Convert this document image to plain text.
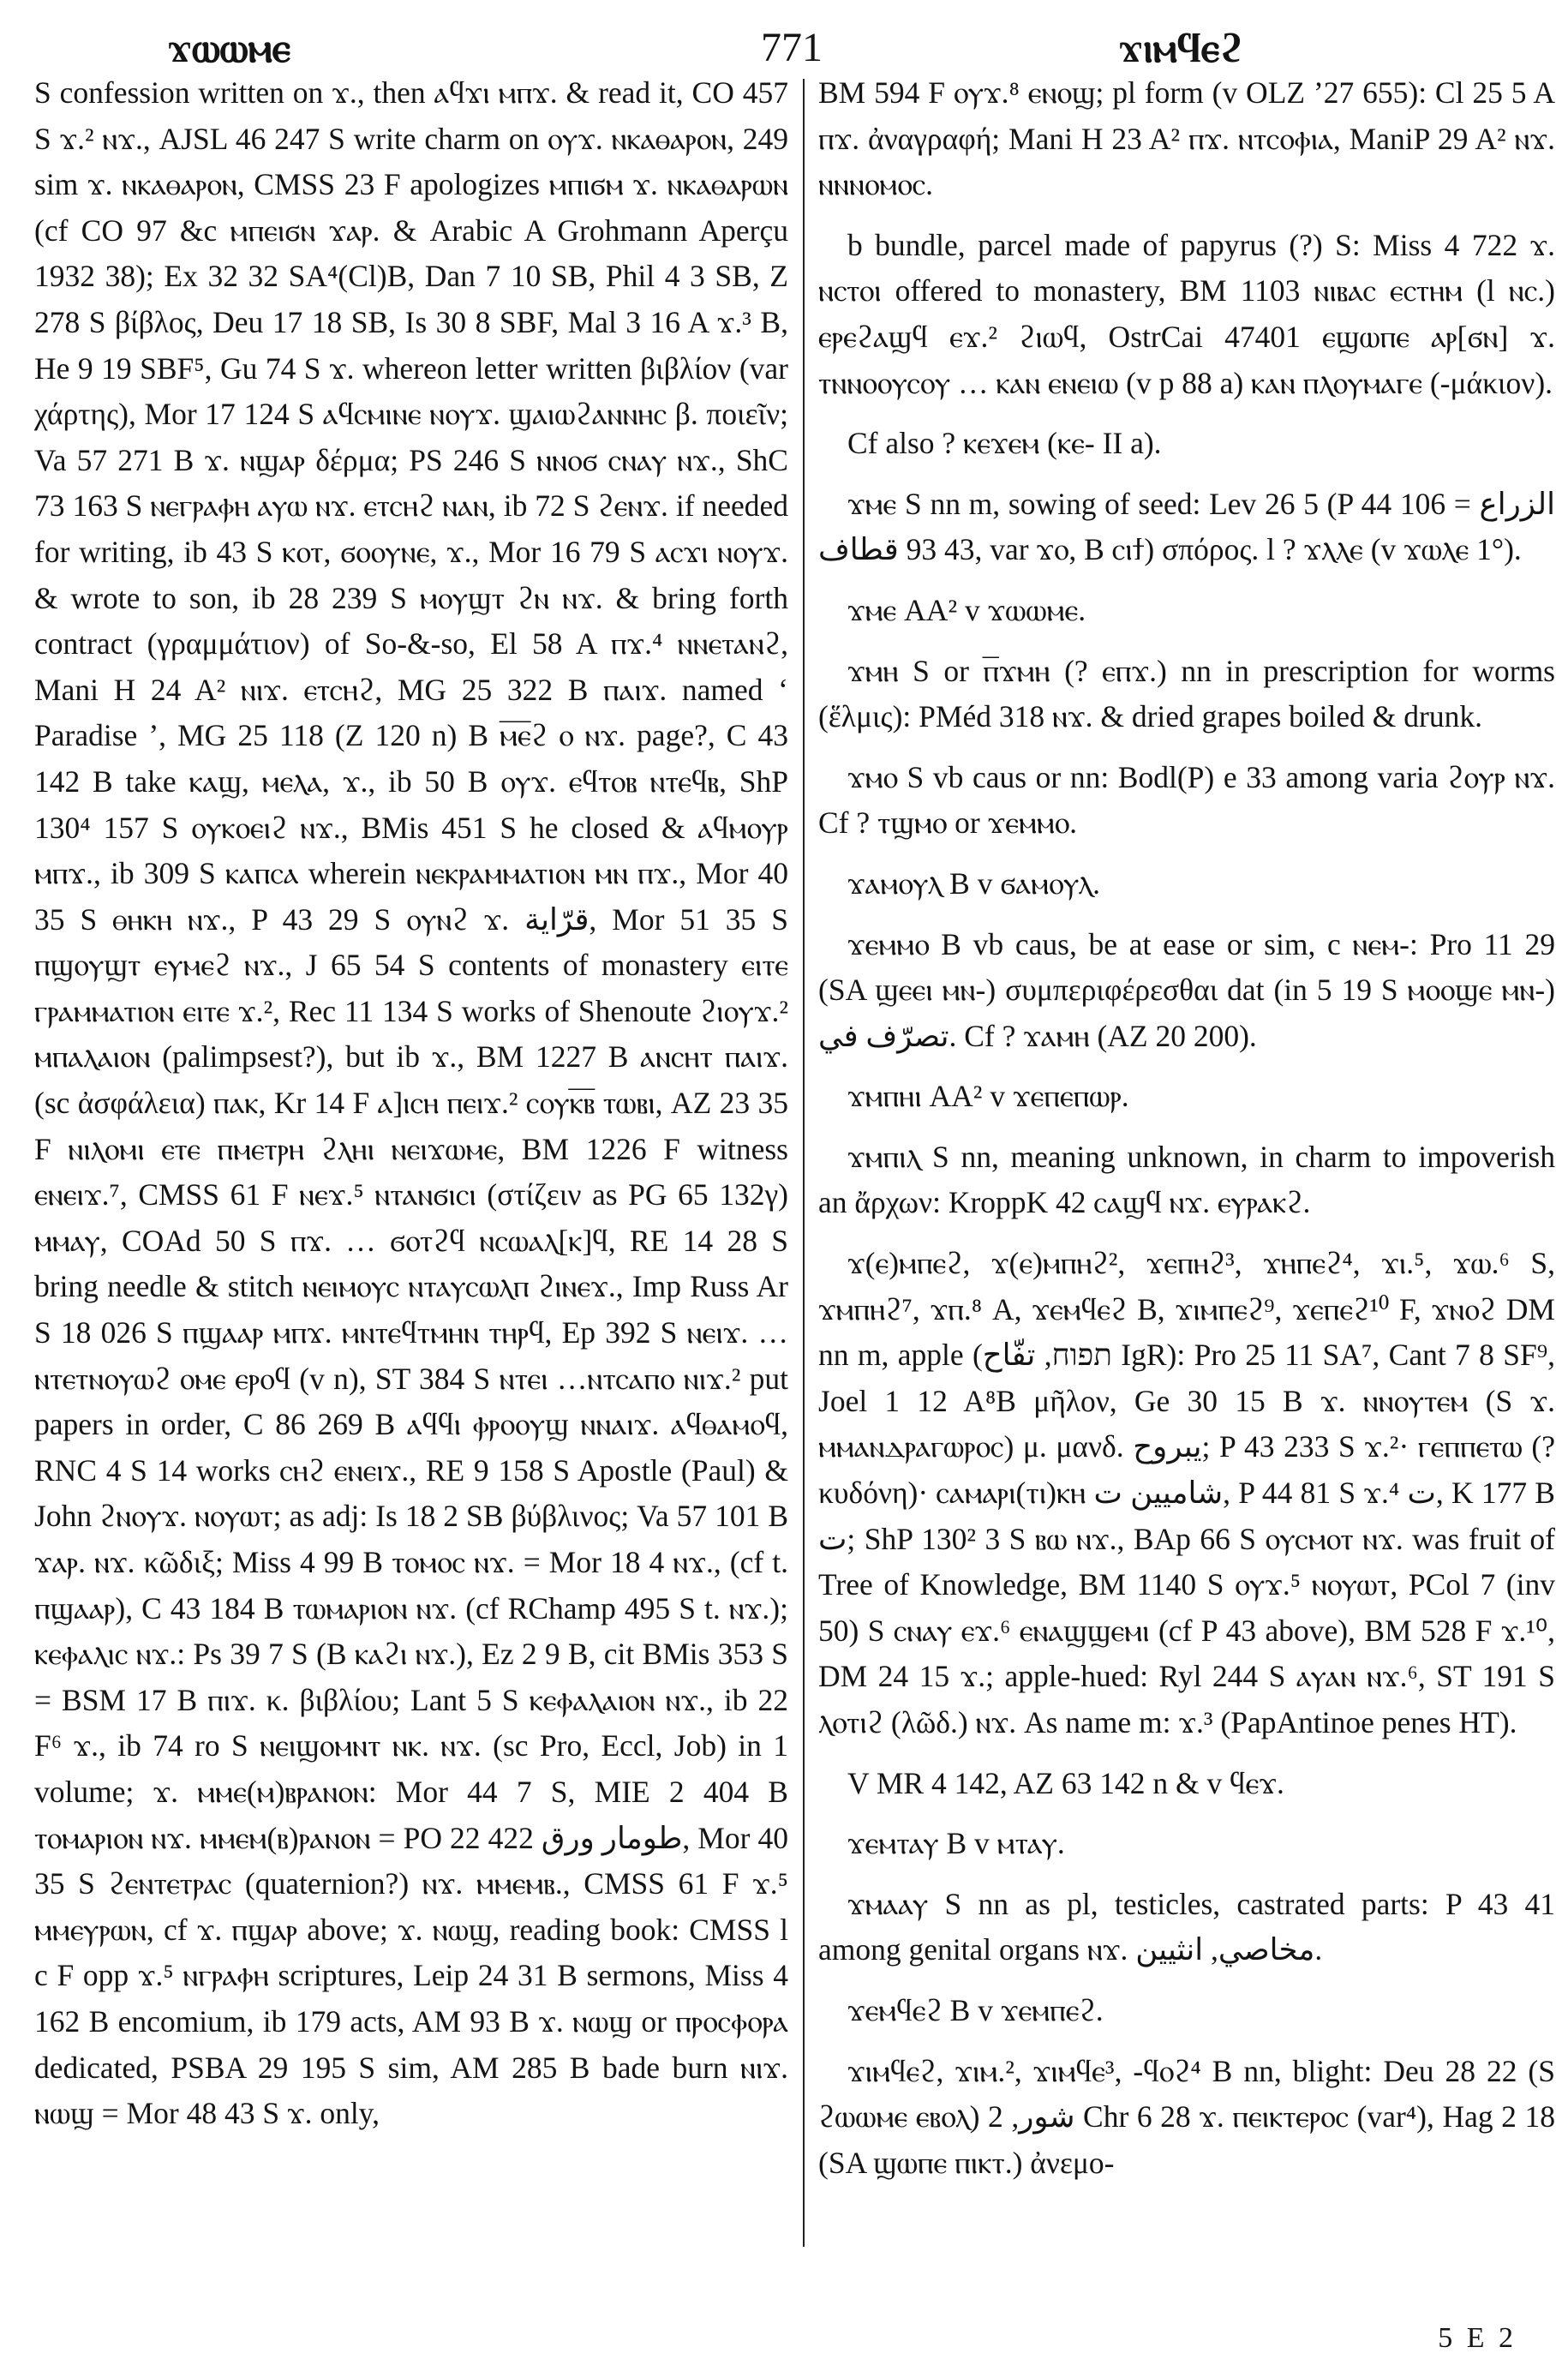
ϫⲱⲱⲙⲉ	771	ϫⲓⲙϥⲉϩ

S confession written on ϫ., then ⲁϥϫⲓ ⲙⲡϫ. & read it, CO 457 S ϫ.² ⲛϫ., AJSL 46 247 S write charm on ⲟⲩϫ. ⲛⲕⲁⲑⲁⲣⲟⲛ, 249 sim ϫ. ⲛⲕⲁⲑⲁⲣⲟⲛ, CMSS 23 F apologizes ⲙⲡⲓϭⲙ ϫ. ⲛⲕⲁⲑⲁⲣⲱⲛ (cf CO 97 &c ⲙⲡⲉⲓϭⲛ ϫⲁⲣ. & Arabic A Grohmann Aperçu 1932 38); Ex 32 32 SA⁴(Cl)B, Dan 7 10 SB, Phil 4 3 SB, Z 278 S βίβλος, Deu 17 18 SB, Is 30 8 SBF, Mal 3 16 A ϫ.³ B, He 9 19 SBF⁵, Gu 74 S ϫ. whereon letter written βιβλίον (var χάρτης), Mor 17 124 S ⲁϥⲥⲙⲓⲛⲉ ⲛⲟⲩϫ. ϣⲁⲓⲱϩⲁⲛⲛⲏⲥ β. ποιεῖν; Va 57 271 B ϫ. ⲛϣⲁⲣ δέρμα; PS 246 S ⲛⲛⲟϭ ⲥⲛⲁⲩ ⲛϫ., ShC 73 163 S ⲛⲉⲅⲣⲁⲫⲏ ⲁⲩⲱ ⲛϫ. ⲉⲧⲥⲏϩ ⲛⲁⲛ, ib 72 S ϩⲉⲛϫ. if needed for writing, ib 43 S ⲕⲟⲧ, ϭⲟⲟⲩⲛⲉ, ϫ., Mor 16 79 S ⲁⲥϫⲓ ⲛⲟⲩϫ. & wrote to son, ib 28 239 S ⲙⲟⲩϣⲧ ϩⲛ ⲛϫ. & bring forth contract (γραμμάτιον) of So-&-so, El 58 A ⲡϫ.⁴ ⲛⲛⲉⲧⲁⲛϩ, Mani H 24 A² ⲛⲓϫ. ⲉⲧⲥⲏϩ, MG 25 322 B ⲡⲁⲓϫ. named ‘ Paradise ’, MG 25 118 (Z 120 n) B ⲙ̅ⲉ̅ϩ ⲟ ⲛϫ. page?, C 43 142 B take ⲕⲁϣ, ⲙⲉⲗⲁ, ϫ., ib 50 B ⲟⲩϫ. ⲉϥⲧⲟⲃ ⲛⲧⲉϥⲃ, ShP 130⁴ 157 S ⲟⲩⲕⲟⲉⲓϩ ⲛϫ., BMis 451 S he closed & ⲁϥⲙⲟⲩⲣ ⲙⲡϫ., ib 309 S ⲕⲁⲡⲥⲁ wherein ⲛⲉⲕⲣⲁⲙⲙⲁⲧⲓⲟⲛ ⲙⲛ ⲡϫ., Mor 40 35 S ⲑⲏⲕⲏ ⲛϫ., P 43 29 S ⲟⲩⲛϩ ϫ. قرّاية, Mor 51 35 S ⲡϣⲟⲩϣⲧ ⲉⲩⲙⲉϩ ⲛϫ., J 65 54 S contents of monastery ⲉⲓⲧⲉ ⲅⲣⲁⲙⲙⲁⲧⲓⲟⲛ ⲉⲓⲧⲉ ϫ.², Rec 11 134 S works of Shenoute ϩⲓⲟⲩϫ.² ⲙⲡⲁⲗⲁⲓⲟⲛ (palimpsest?), but ib ϫ., BM 1227 B ⲁⲛⲥⲏⲧ ⲡⲁⲓϫ. (sc ἀσφάλεια) ⲡⲁⲕ, Kr 14 F ⲁ]ⲓⲥⲏ ⲡⲉⲓϫ.² ⲥⲟⲩⲕ̅ⲃ̅ ⲧⲱⲃⲓ, AZ 23 35 F ⲛⲓⲗⲟⲙⲓ ⲉⲧⲉ ⲡⲙⲉⲧⲣⲏ ϩⲗⲏⲓ ⲛⲉⲓϫⲱⲙⲉ, BM 1226 F witness ⲉⲛⲉⲓϫ.⁷, CMSS 61 F ⲛⲉϫ.⁵ ⲛⲧⲁⲛϭⲓⲥⲓ (στίζειν as PG 65 132γ) ⲙⲙⲁⲩ, COAd 50 S ⲡϫ. … ϭⲟⲧϩϥ ⲛⲥⲱⲁⲗ[ⲕ]ϥ, RE 14 28 S bring needle & stitch ⲛⲉⲓⲙⲟⲩⲥ ⲛⲧⲁⲩⲥⲱⲗⲡ ϩⲓⲛⲉϫ., Imp Russ Ar S 18 026 S ⲡϣⲁⲁⲣ ⲙⲡϫ. ⲙⲛⲧⲉϥⲧⲙⲏⲛ ⲧⲏⲣϥ, Ep 392 S ⲛⲉⲓϫ. … ⲛⲧⲉⲧⲛⲟⲩⲱϩ ⲟⲙⲉ ⲉⲣⲟϥ (v n), ST 384 S ⲛⲧⲉⲓ …ⲛⲧⲥⲁⲡⲟ ⲛⲓϫ.² put papers in order, C 86 269 B ⲁϥϥⲓ ⲫⲣⲟⲟⲩϣ ⲛⲛⲁⲓϫ. ⲁϥⲑⲁⲙⲟϥ, RNC 4 S 14 works ⲥⲏϩ ⲉⲛⲉⲓϫ., RE 9 158 S Apostle (Paul) & John ϩⲛⲟⲩϫ. ⲛⲟⲩⲱⲧ; as adj: Is 18 2 SB βύβλινος; Va 57 101 B ϫⲁⲣ. ⲛϫ. κῶδιξ; Miss 4 99 B ⲧⲟⲙⲟⲥ ⲛϫ. = Mor 18 4 ⲛϫ., (cf t. ⲡϣⲁⲁⲣ), C 43 184 B ⲧⲱⲙⲁⲣⲓⲟⲛ ⲛϫ. (cf RChamp 495 S t. ⲛϫ.); ⲕⲉⲫⲁⲗⲓⲥ ⲛϫ.: Ps 39 7 S (B ⲕⲁϩⲓ ⲛϫ.), Ez 2 9 B, cit BMis 353 S = BSM 17 B ⲡⲓϫ. κ. βιβλίου; Lant 5 S ⲕⲉⲫⲁⲗⲁⲓⲟⲛ ⲛϫ., ib 22 F⁶ ϫ., ib 74 ro S ⲛⲉⲓϣⲟⲙⲛⲧ ⲛⲕ. ⲛϫ. (sc Pro, Eccl, Job) in 1 volume; ϫ. ⲙⲙⲉ(ⲙ)ⲃⲣⲁⲛⲟⲛ: Mor 44 7 S, MIE 2 404 B ⲧⲟⲙⲁⲣⲓⲟⲛ ⲛϫ. ⲙⲙⲉⲙ(ⲃ)ⲣⲁⲛⲟⲛ = PO 22 422 طومار ورق, Mor 40 35 S ϩⲉⲛⲧⲉⲧⲣⲁⲥ (quaternion?) ⲛϫ. ⲙⲙⲉⲙⲃ., CMSS 61 F ϫ.⁵ ⲙⲙⲉⲩⲣⲱⲛ, cf ϫ. ⲡϣⲁⲣ above; ϫ. ⲛⲱϣ, reading book: CMSS l c F opp ϫ.⁵ ⲛⲅⲣⲁⲫⲏ scriptures, Leip 24 31 B sermons, Miss 4 162 B encomium, ib 179 acts, AM 93 B ϫ. ⲛⲱϣ or ⲡⲣⲟⲥⲫⲟⲣⲁ dedicated, PSBA 29 195 S sim, AM 285 B bade burn ⲛⲓϫ. ⲛⲱϣ = Mor 48 43 S ϫ. only,

BM 594 F ⲟⲩϫ.⁸ ⲉⲛⲟϣ; pl form (v OLZ ’27 655): Cl 25 5 A ⲡϫ. ἀναγραφή; Mani H 23 A² ⲡϫ. ⲛⲧⲥⲟⲫⲓⲁ, ManiP 29 A² ⲛϫ. ⲛⲛⲛⲟⲙⲟⲥ.

b bundle, parcel made of papyrus (?) S: Miss 4 722 ϫ. ⲛⲥⲧⲟⲓ offered to monastery, BM 1103 ⲛⲓⲃⲁⲥ ⲉⲥⲧⲏⲙ (l ⲛⲥ.) ⲉⲣⲉϩⲁϣϥ ⲉϫ.² ϩⲓⲱϥ, OstrCai 47401 ⲉϣⲱⲡⲉ ⲁⲣ[ϭⲛ] ϫ. ⲧⲛⲛⲟⲟⲩⲥⲟⲩ … ⲕⲁⲛ ⲉⲛⲉⲓⲱ (v p 88 a) ⲕⲁⲛ ⲡⲗⲟⲩⲙⲁⲅⲉ (-μάκιον).

Cf also ? ⲕⲉϫⲉⲙ (ⲕⲉ- II a).

ϫⲙⲉ S nn m, sowing of seed: Lev 26 5 (P 44 106 الزراع = 43 93 قطاف, var ϫⲟ, B ⲥⲓϯ) σπόρος. l ? ϫⲗⲗⲉ (v ϫⲱⲗⲉ 1°).

ϫⲙⲉ AA² v ϫⲱⲱⲙⲉ.

ϫⲙⲏ S or ⲡ̅ϫⲙⲏ (? ⲉⲡϫ.) nn in prescription for worms (ἕλμις): PMéd 318 ⲛϫ. & dried grapes boiled & drunk.

ϫⲙⲟ S vb caus or nn: Bodl(P) e 33 among varia ϩⲟⲩⲣ ⲛϫ. Cf ? ⲧϣⲙⲟ or ϫⲉⲙⲙⲟ.

ϫⲁⲙⲟⲩⲗ B v ϭⲁⲙⲟⲩⲗ.

ϫⲉⲙⲙⲟ B vb caus, be at ease or sim, c ⲛⲉⲙ-: Pro 11 29 (SA ϣⲉⲉⲓ ⲙⲛ-) συμπεριφέρεσθαι dat (in 5 19 S ⲙⲟⲟϣⲉ ⲙⲛ-) تصرّف في. Cf ? ϫⲁⲙⲏ (AZ 20 200).

ϫⲙⲡⲏⲓ AA² v ϫⲉⲡⲉⲡⲱⲣ.

ϫⲙⲡⲓⲗ S nn, meaning unknown, in charm to impoverish an ἄρχων: KroppK 42 ⲥⲁϣϥ ⲛϫ. ⲉⲩⲣⲁⲕϩ.

ϫ(ⲉ)ⲙⲡⲉϩ, ϫ(ⲉ)ⲙⲡⲏϩ², ϫⲉⲡⲏϩ³, ϫⲏⲡⲉϩ⁴, ϫⲓ.⁵, ϫⲱ.⁶ S, ϫⲙⲡⲏϩ⁷, ϫⲡ.⁸ A, ϫⲉⲙϥⲉϩ B, ϫⲓⲙⲡⲉϩ⁹, ϫⲉⲡⲉϩ¹⁰ F, ϫⲛⲟϩ DM nn m, apple (תפוח, تفّاح IgR): Pro 25 11 SA⁷, Cant 7 8 SF⁹, Joel 1 12 A⁸B μῆλον, Ge 30 15 B ϫ. ⲛⲛⲟⲩⲧⲉⲙ (S ϫ. ⲙⲙⲁⲛⲇⲣⲁⲅⲱⲣⲟⲥ) μ. μανδ. يبروح; P 43 233 S ϫ.²· ⲅⲉⲡⲡⲉⲧⲱ (? κυδόνη)· ⲥⲁⲙⲁⲣⲓ(ⲧⲓ)ⲕⲏ شاميين ت, P 44 81 S ϫ.⁴ ت, K 177 B ت; ShP 130² 3 S ⲃⲱ ⲛϫ., BAp 66 S ⲟⲩⲥⲙⲟⲧ ⲛϫ. was fruit of Tree of Knowledge, BM 1140 S ⲟⲩϫ.⁵ ⲛⲟⲩⲱⲧ, PCol 7 (inv 50) S ⲥⲛⲁⲩ ⲉϫ.⁶ ⲉⲛⲁϣϣⲉⲙⲓ (cf P 43 above), BM 528 F ϫ.¹⁰, DM 24 15 ϫ.; apple-hued: Ryl 244 S ⲁⲩⲁⲛ ⲛϫ.⁶, ST 191 S ⲗⲟⲧⲓϩ (λῶδ.) ⲛϫ. As name m: ϫ.³ (PapAntinoe penes HT).

V MR 4 142, AZ 63 142 n & v ϥⲉϫ.

ϫⲉⲙⲧⲁⲩ B v ⲙⲧⲁⲩ.

ϫⲙⲁⲁⲩ S nn as pl, testicles, castrated parts: P 43 41 among genital organs ⲛϫ. مخاصي, انثيين.

ϫⲉⲙϥⲉϩ B v ϫⲉⲙⲡⲉϩ.

ϫⲓⲙϥⲉϩ, ϫⲓⲙ.², ϫⲓⲙϥⲉ³, -ϥⲟϩ⁴ B nn, blight: Deu 28 22 (S ϩⲱⲱⲙⲉ ⲉⲃⲟⲗ) شور, 2 Chr 6 28 ϫ. ⲡⲉⲓⲕⲧⲉⲣⲟⲥ (var⁴), Hag 2 18 (SA ϣⲱⲡⲉ ⲡⲓⲕⲧ.) ἀνεμο-

5 E 2
